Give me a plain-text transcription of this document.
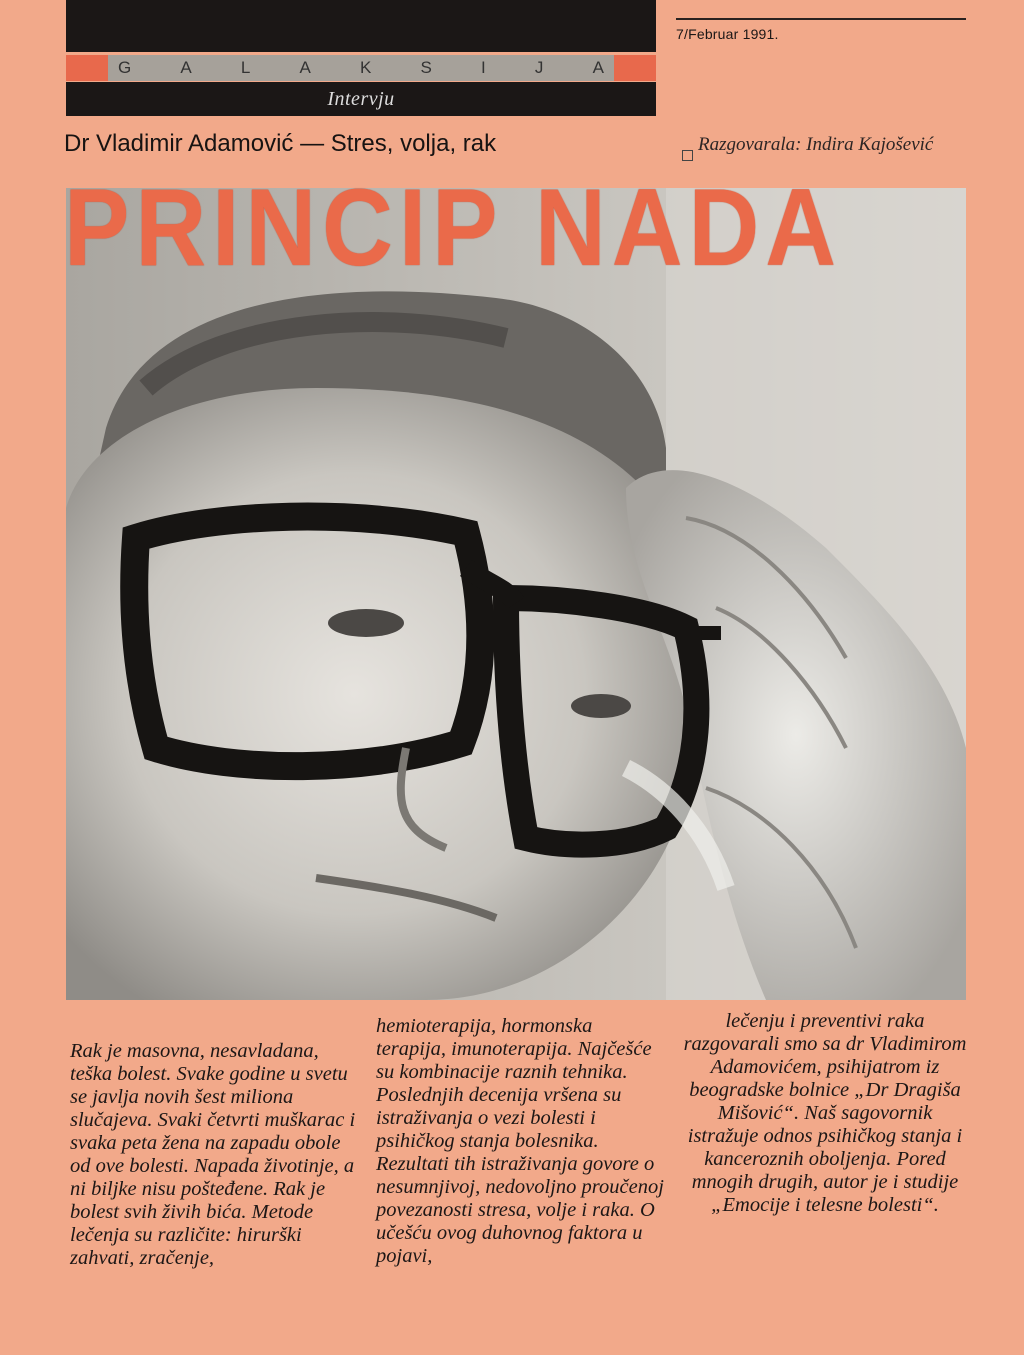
7/Februar 1991.
G	A	L	A	K	S	I	J	A
Intervju
Dr Vladimir Adamović — Stres, volja, rak	Razgovarala: Indira Kajošević
PRINCIP NADA

Rak je masovna, nesavladana, teška bolest. Svake godine u svetu se javlja novih šest miliona slučajeva. Svaki četvrti muškarac i svaka peta žena na zapadu obole od ove bolesti. Napada životinje, a ni biljke nisu pošteđene. Rak je bolest svih živih bića. Metode lečenja su različite: hirurški zahvati, zračenje,

hemioterapija, hormonska terapija, imunoterapija. Najčešće su kombinacije raznih tehnika. Poslednjih decenija vršena su istraživanja o vezi bolesti i psihičkog stanja bolesnika. Rezultati tih istraživanja govore o nesumnjivoj, nedovoljno proučenoj povezanosti stresa, volje i raka. O učešću ovog duhovnog faktora u pojavi,

lečenju i preventivi raka razgovarali smo sa dr Vladimirom Adamovićem, psihijatrom iz beogradske bolnice „Dr Dragiša Mišović“. Naš sagovornik istražuje odnos psihičkog stanja i kanceroznih oboljenja. Pored mnogih drugih, autor je i studije „Emocije i telesne bolesti“.
